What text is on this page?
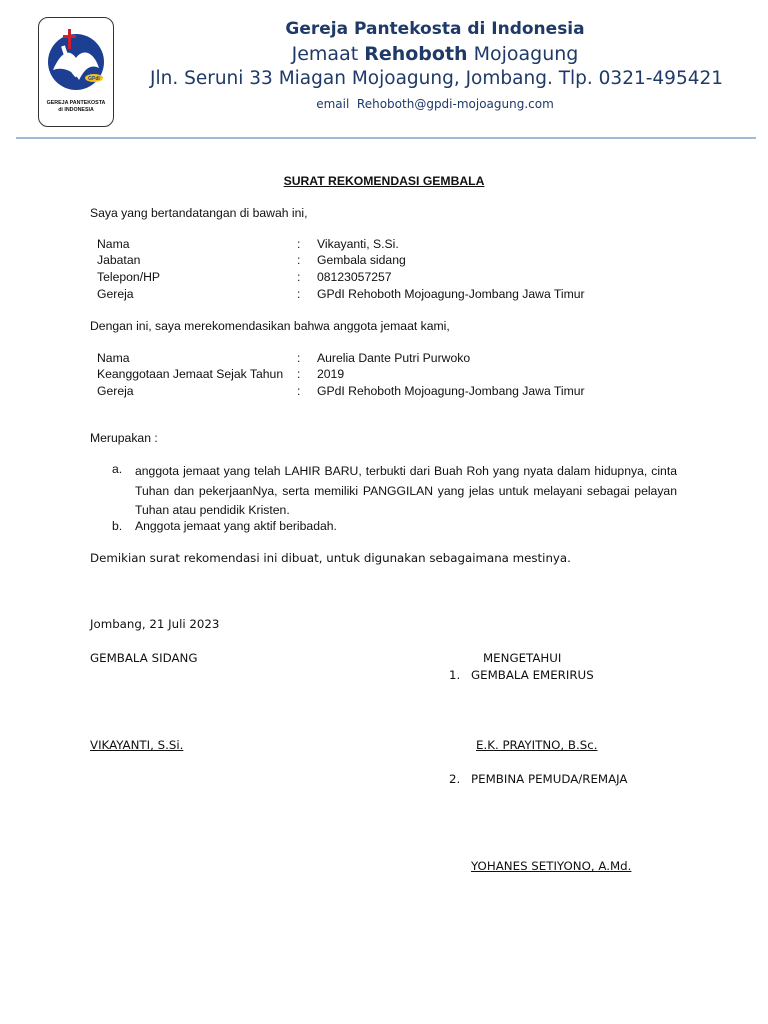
GPdI
GEREJA PANTEKOSTA
di INDONESIA
Gereja Pantekosta di Indonesia
Jemaat Rehoboth Mojoagung
Jln. Seruni 33 Miagan Mojoagung, Jombang. Tlp. 0321-495421
email Rehoboth@gpdi-mojoagung.com
SURAT REKOMENDASI GEMBALA
Saya yang bertandatangan di bawah ini,
Nama	: Vikayanti, S.Si.
Jabatan	: Gembala sidang
Telepon/HP	: 08123057257
Gereja	: GPdI Rehoboth Mojoagung-Jombang Jawa Timur
Dengan ini, saya merekomendasikan bahwa anggota jemaat kami,
Nama	: Aurelia Dante Putri Purwoko
Keanggotaan Jemaat Sejak Tahun : 2019
Gereja	: GPdI Rehoboth Mojoagung-Jombang Jawa Timur
Merupakan :
a. anggota jemaat yang telah LAHIR BARU, terbukti dari Buah Roh yang nyata dalam hidupnya, cinta Tuhan dan pekerjaanNya, serta memiliki PANGGILAN yang jelas untuk melayani sebagai pelayan Tuhan atau pendidik Kristen.
b. Anggota jemaat yang aktif beribadah.
Demikian surat rekomendasi ini dibuat, untuk digunakan sebagaimana mestinya.
Jombang, 21 Juli 2023
GEMBALA SIDANG	MENGETAHUI
1. GEMBALA EMERIRUS
VIKAYANTI, S.Si.	E.K. PRAYITNO, B.Sc.
2. PEMBINA PEMUDA/REMAJA
YOHANES SETIYONO, A.Md.
